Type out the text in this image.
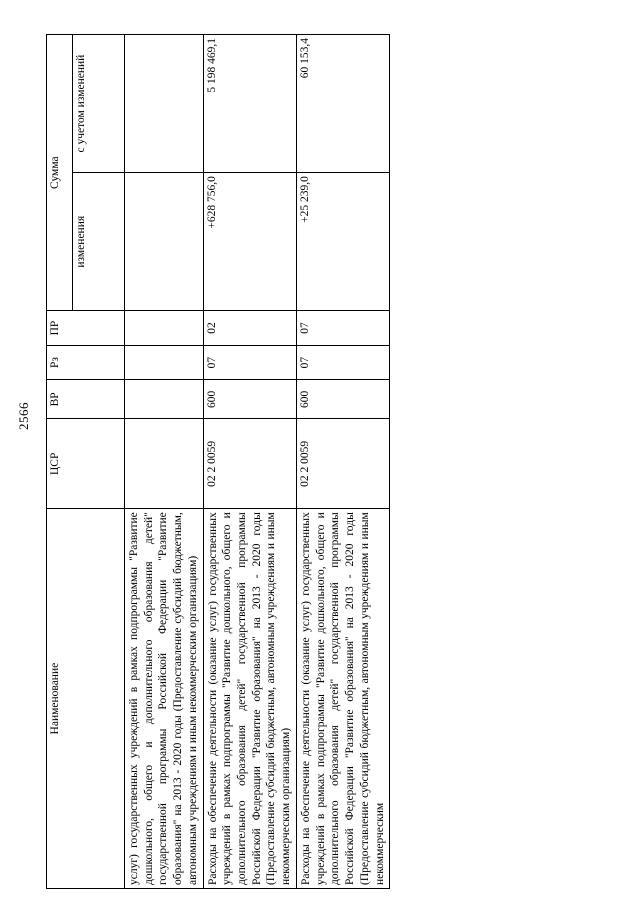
2566
Наименование	ЦСР	ВР	Рз	ПР	Сумма	
					изменения	с учетом изменений
услуг) государственных учреждений в рамках подпрограммы "Развитие дошкольного, общего и дополнительного образования детей" государственной программы Российской Федерации "Развитие образования" на 2013 - 2020 годы (Предоставление субсидий бюджетным, автономным учреждениям и иным некоммерческим организациям)						
Расходы на обеспечение деятельности (оказание услуг) государственных учреждений в рамках подпрограммы "Развитие дошкольного, общего и дополнительного образования детей" государственной программы Российской Федерации "Развитие образования" на 2013 - 2020 годы (Предоставление субсидий бюджетным, автономным учреждениям и иным некоммерческим организациям)	02 2 0059	600	07	02	+628 756,0	5 198 469,1
Расходы на обеспечение деятельности (оказание услуг) государственных учреждений в рамках подпрограммы "Развитие дошкольного, общего и дополнительного образования детей" государственной программы Российской Федерации "Развитие образования" на 2013 - 2020 годы (Предоставление субсидий бюджетным, автономным учреждениям и иным некоммерческим	02 2 0059	600	07	07	+25 239,0	60 153,4
